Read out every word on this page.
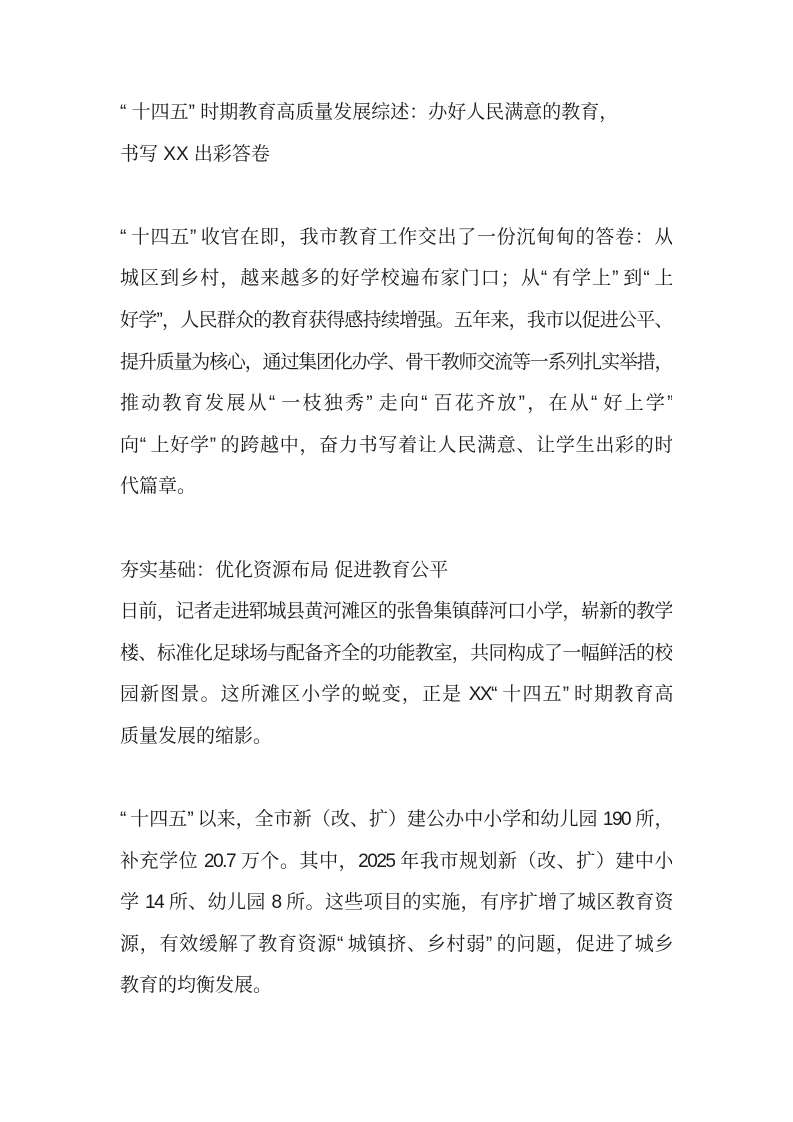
“ 十四五” 时期教育高质量发展综述：办好人民满意的教育，
书写 XX 出彩答卷
“ 十四五” 收官在即，我市教育工作交出了一份沉甸甸的答卷：从
城区到乡村，越来越多的好学校遍布家门口；从“ 有学上” 到“ 上
好学”，人民群众的教育获得感持续增强。五年来，我市以促进公平、
提升质量为核心，通过集团化办学、骨干教师交流等一系列扎实举措，
推动教育发展从“ 一枝独秀” 走向“ 百花齐放”，在从“ 好上学”
向“ 上好学” 的跨越中，奋力书写着让人民满意、让学生出彩的时
代篇章。
夯实基础：优化资源布局 促进教育公平
日前，记者走进郓城县黄河滩区的张鲁集镇薛河口小学，崭新的教学
楼、标准化足球场与配备齐全的功能教室，共同构成了一幅鲜活的校
园新图景。这所滩区小学的蜕变，正是 XX“ 十四五” 时期教育高
质量发展的缩影。
“ 十四五” 以来，全市新（改、扩）建公办中小学和幼儿园 190 所，
补充学位 20.7 万个。其中，2025 年我市规划新（改、扩）建中小
学 14 所、幼儿园 8 所。这些项目的实施，有序扩增了城区教育资
源，有效缓解了教育资源“ 城镇挤、乡村弱” 的问题，促进了城乡
教育的均衡发展。
